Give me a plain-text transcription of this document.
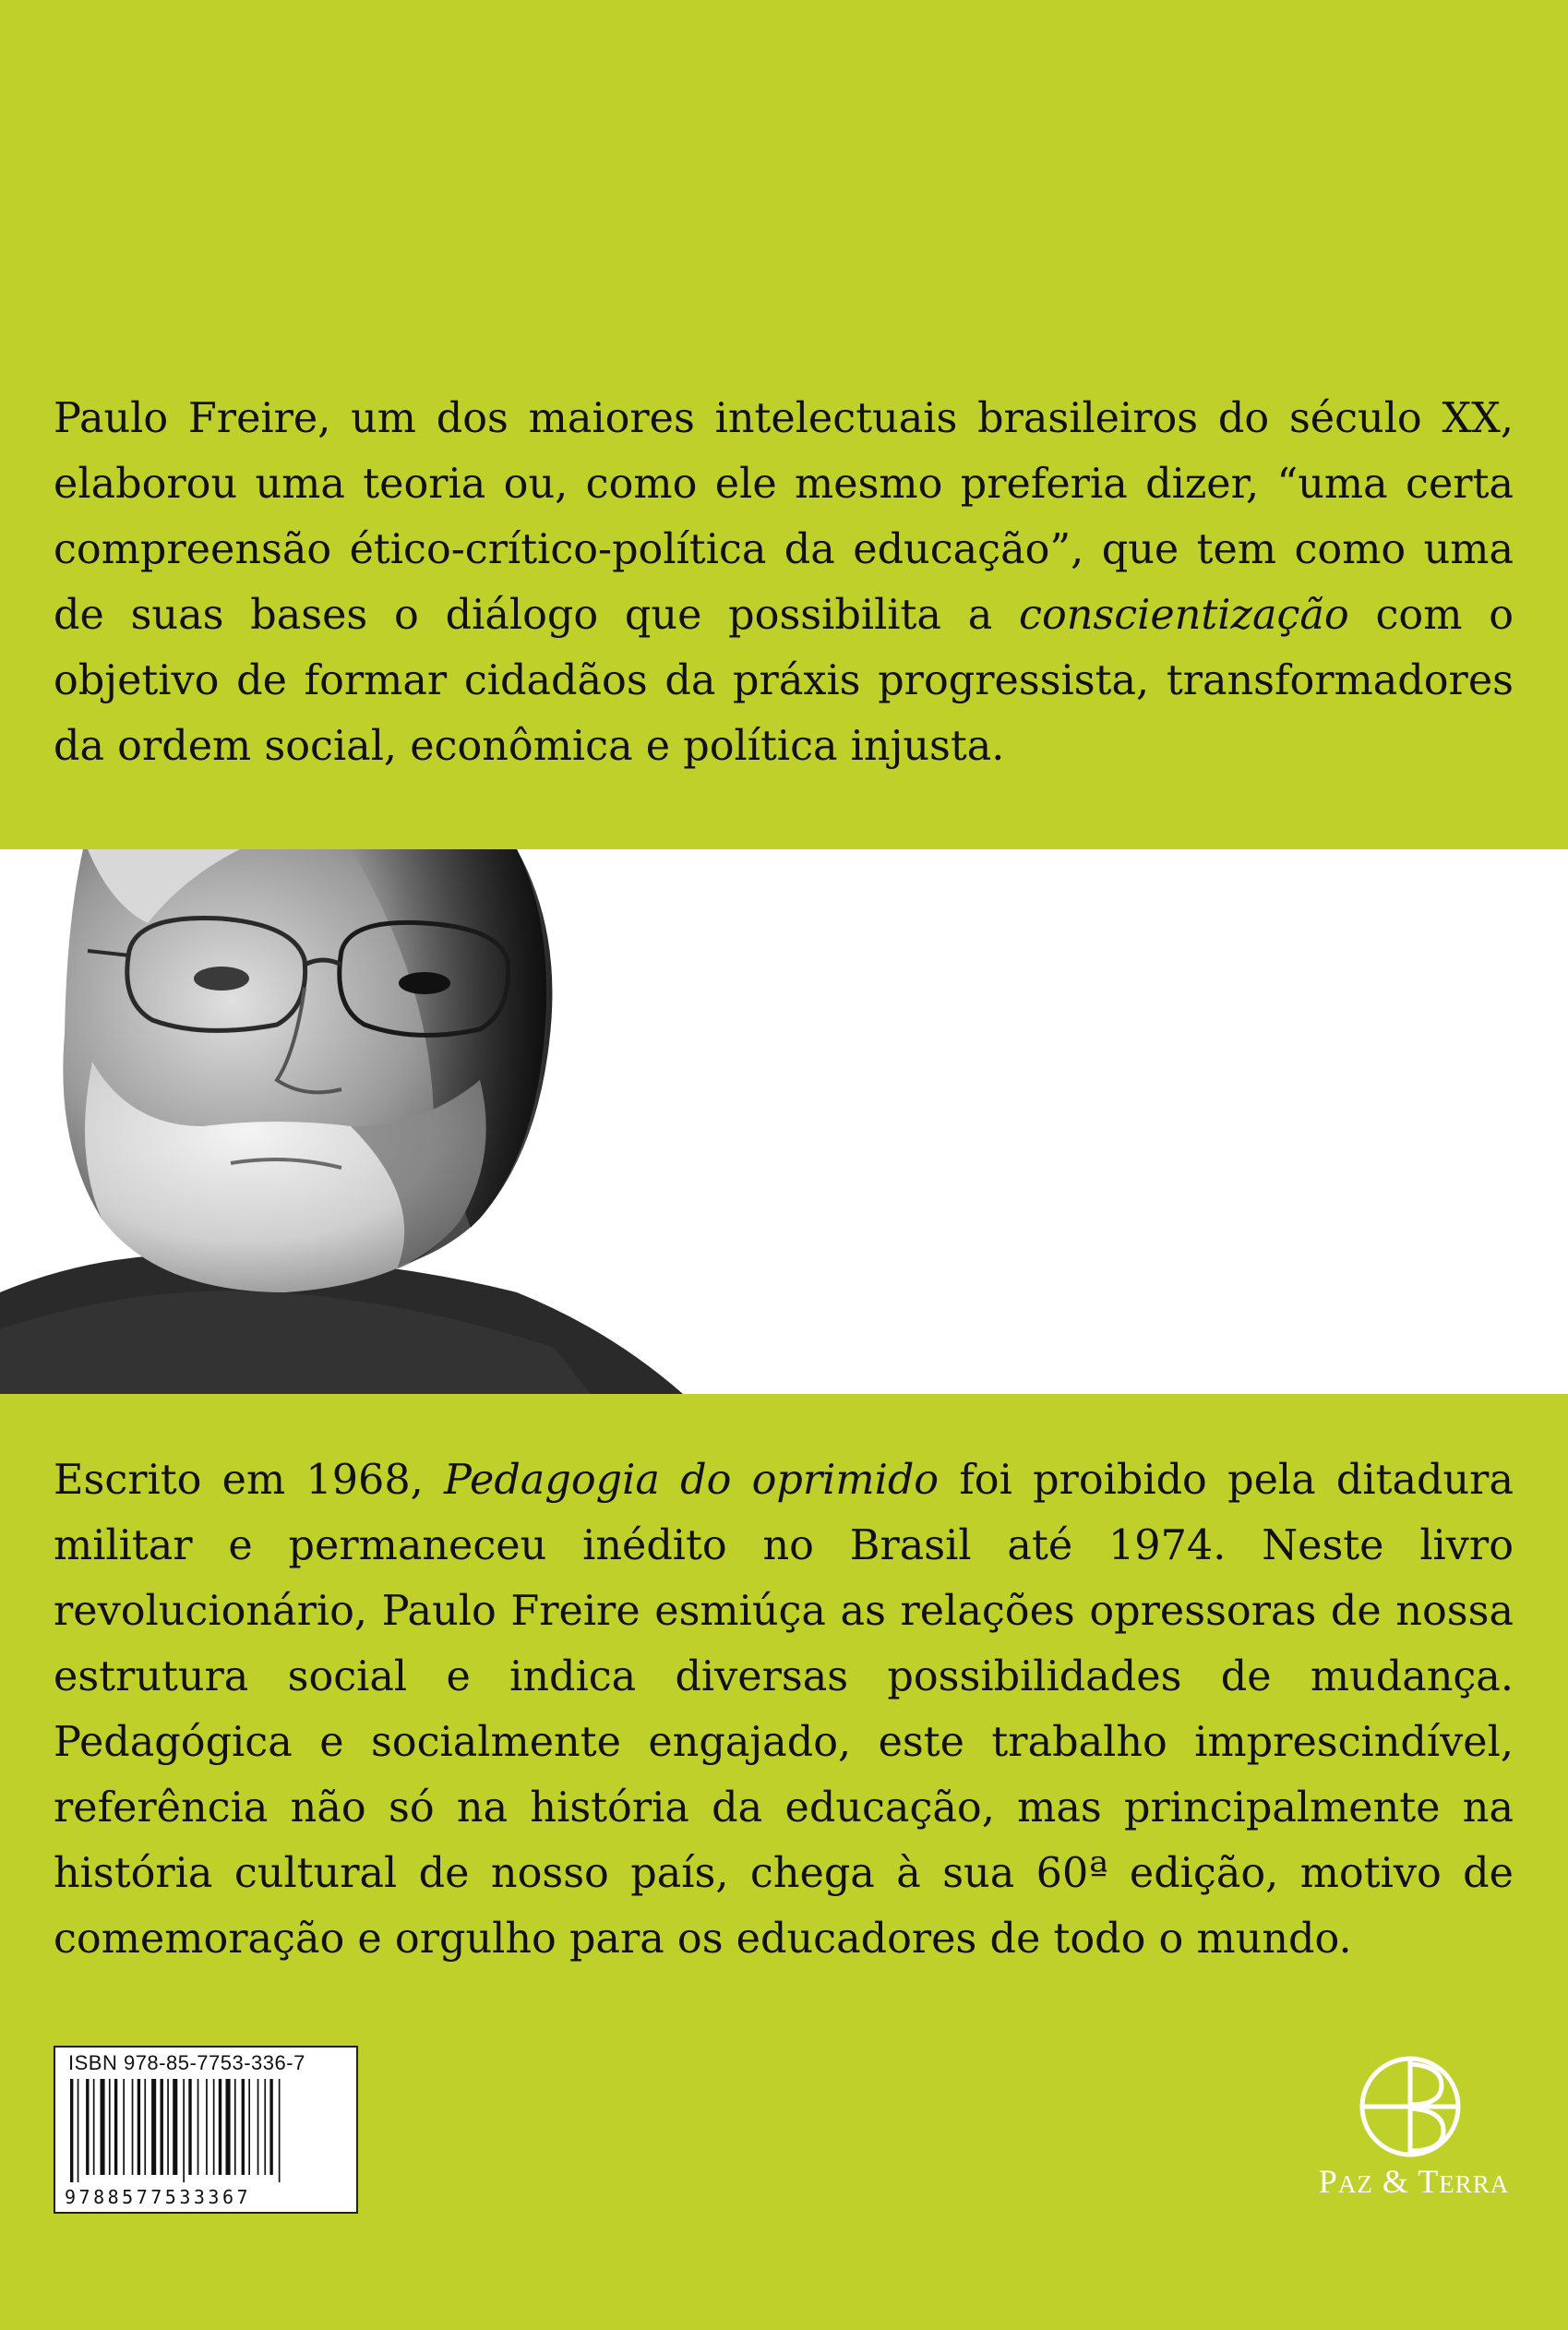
Paulo Freire, um dos maiores intelectuais brasileiros do século XX, elaborou uma teoria ou, como ele mesmo preferia dizer, “uma certa compreensão ético-crítico-política da educação”, que tem como uma de suas bases o diálogo que possibilita a conscientização com o objetivo de formar cidadãos da práxis progressista, transformadores da ordem social, econômica e política injusta.

Escrito em 1968, Pedagogia do oprimido foi proibido pela ditadura militar e permaneceu inédito no Brasil até 1974. Neste livro revolucionário, Paulo Freire esmiúça as relações opressoras de nossa estrutura social e indica diversas possibilidades de mudança. Pedagógica e socialmente engajado, este trabalho imprescindível, referência não só na história da educação, mas principalmente na história cultural de nosso país, chega à sua 60ª edição, motivo de comemoração e orgulho para os educadores de todo o mundo.

ISBN 978-85-7753-336-7
9788577533367	PAZ & TERRA
